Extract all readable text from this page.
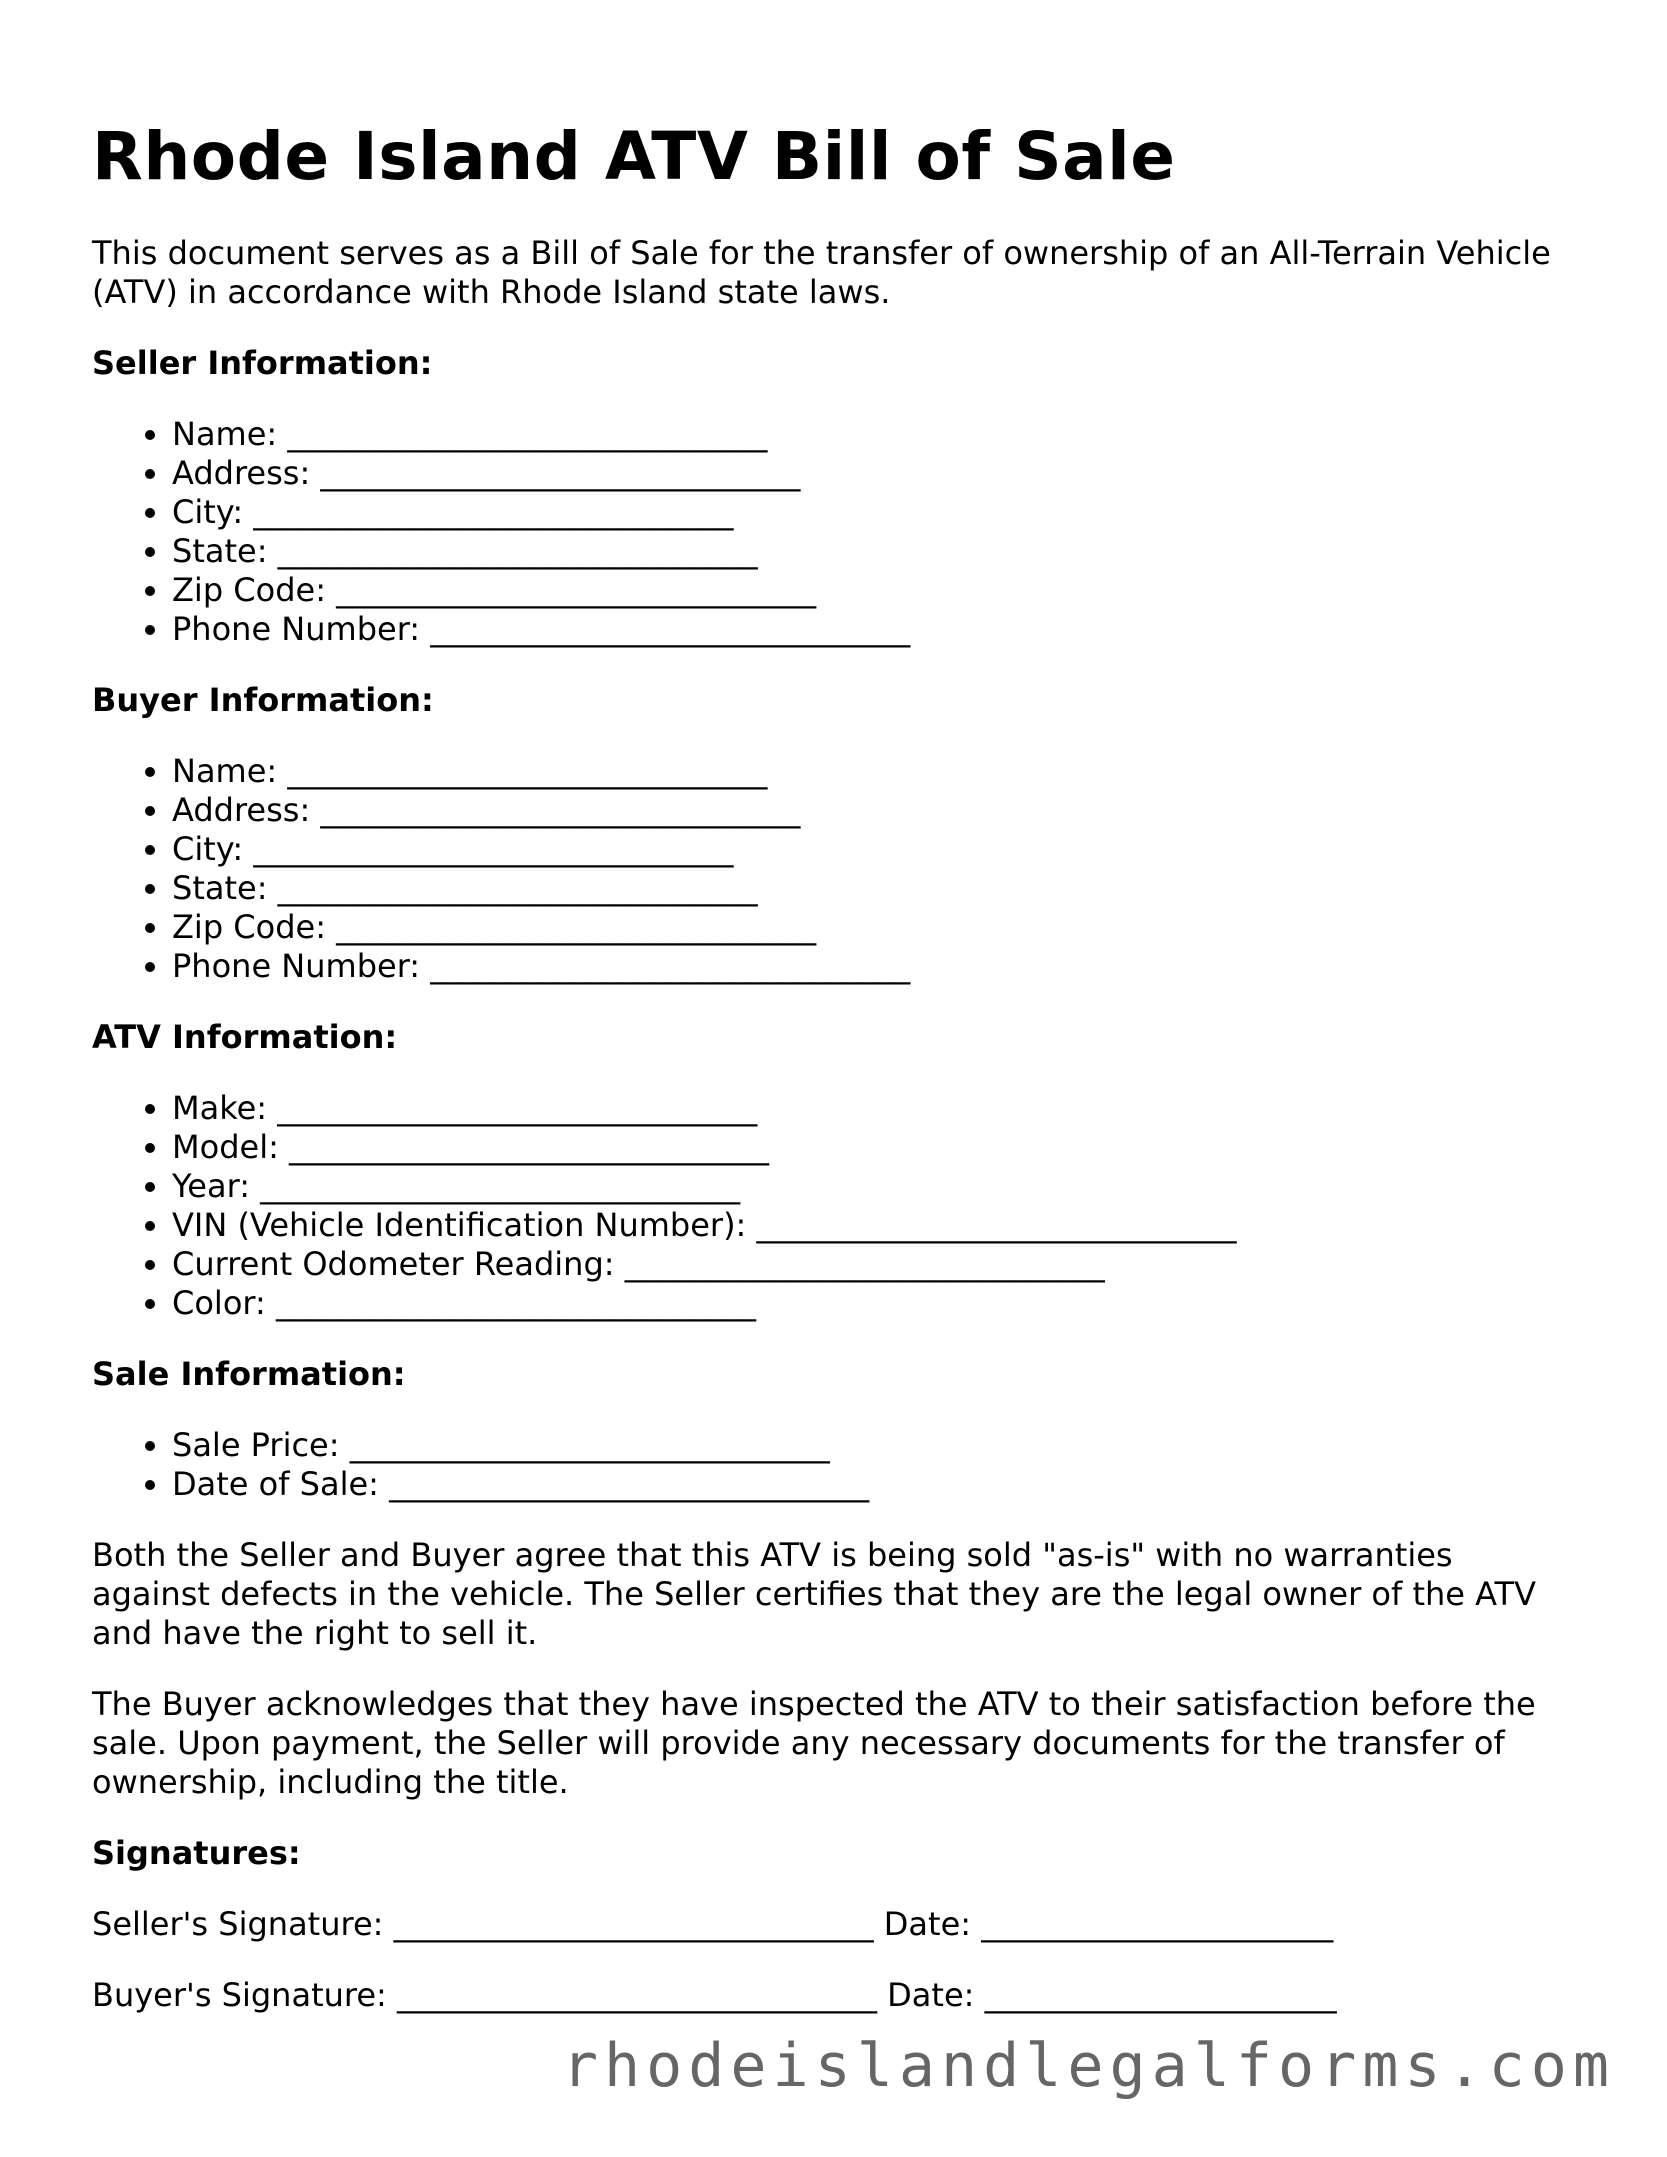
Rhode Island ATV Bill of Sale

This document serves as a Bill of Sale for the transfer of ownership of an All-Terrain Vehicle (ATV) in accordance with Rhode Island state laws.

Seller Information:
• Name: ______________________________
• Address: ______________________________
• City: ______________________________
• State: ______________________________
• Zip Code: ______________________________
• Phone Number: ______________________________
Buyer Information:
• Name: ______________________________
• Address: ______________________________
• City: ______________________________
• State: ______________________________
• Zip Code: ______________________________
• Phone Number: ______________________________
ATV Information:
• Make: ______________________________
• Model: ______________________________
• Year: ______________________________
• VIN (Vehicle Identification Number): ______________________________
• Current Odometer Reading: ______________________________
• Color: ______________________________
Sale Information:
• Sale Price: ______________________________
• Date of Sale: ______________________________

Both the Seller and Buyer agree that this ATV is being sold "as-is" with no warranties against defects in the vehicle. The Seller certifies that they are the legal owner of the ATV and have the right to sell it.

The Buyer acknowledges that they have inspected the ATV to their satisfaction before the sale. Upon payment, the Seller will provide any necessary documents for the transfer of ownership, including the title.

Signatures:
Seller's Signature: ______________________________ Date: ______________________
Buyer's Signature: ______________________________ Date: ______________________
rhodeislandlegalforms.com
